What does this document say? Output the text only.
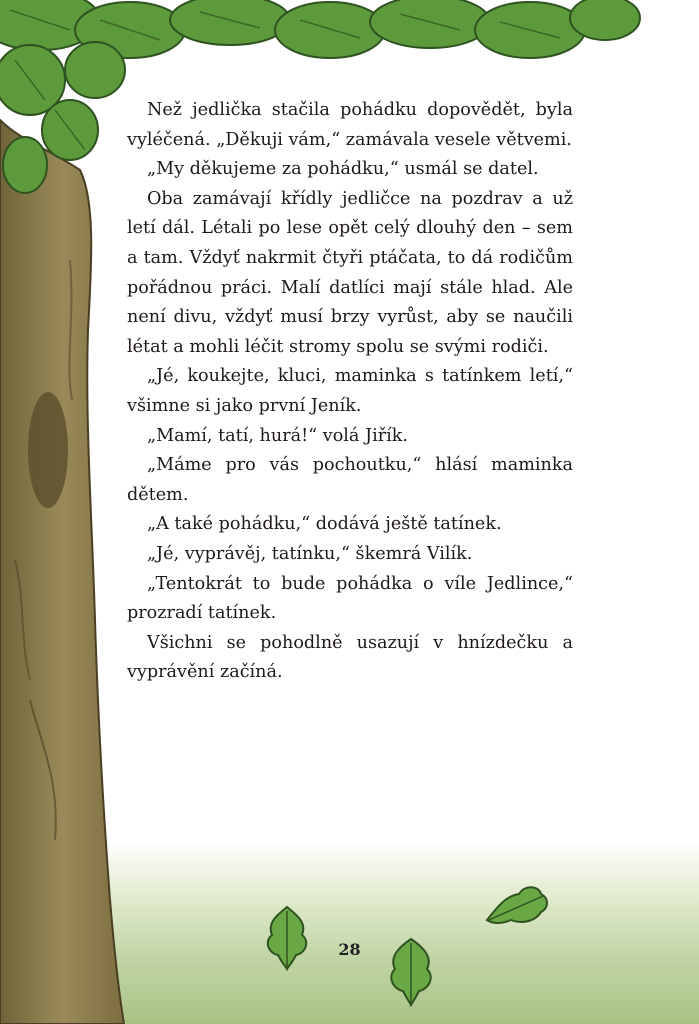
Než jedlička stačila pohádku dopovědět, byla vyléčená. „Děkuji vám,“ zamávala vesele větvemi.

„My děkujeme za pohádku,“ usmál se datel.

Oba zamávají křídly jedličce na pozdrav a už letí dál. Létali po lese opět celý dlouhý den – sem a tam. Vždyť nakrmit čtyři ptáčata, to dá rodičům pořádnou práci. Malí datlíci mají stále hlad. Ale není divu, vždyť musí brzy vyrůst, aby se naučili létat a mohli léčit stromy spolu se svými rodiči.

„Jé, koukejte, kluci, maminka s tatínkem letí,“ všimne si jako první Jeník.

„Mamí, tatí, hurá!“ volá Jiřík.

„Máme pro vás pochoutku,“ hlásí maminka dětem.

„A také pohádku,“ dodává ještě tatínek.

„Jé, vyprávěj, tatínku,“ škemrá Vilík.

„Tentokrát to bude pohádka o víle Jedlince,“ prozradí tatínek.

Všichni se pohodlně usazují v hnízdečku a vyprávění začíná.

28
